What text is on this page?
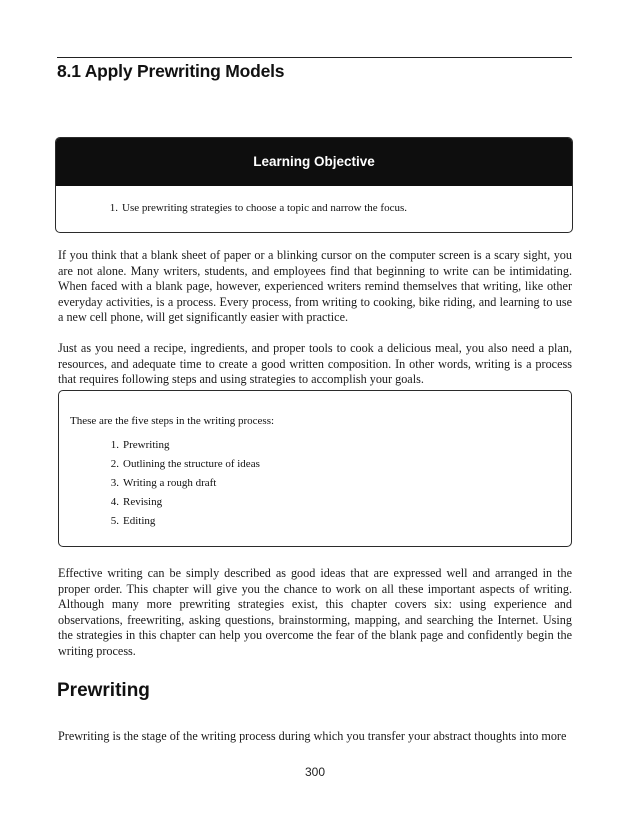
8.1 Apply Prewriting Models
Learning Objective
1. Use prewriting strategies to choose a topic and narrow the focus.

If you think that a blank sheet of paper or a blinking cursor on the computer screen is a scary sight, you are not alone. Many writers, students, and employees find that beginning to write can be intimidating. When faced with a blank page, however, experienced writers remind themselves that writing, like other everyday activities, is a process. Every process, from writing to cooking, bike riding, and learning to use a new cell phone, will get significantly easier with practice.

Just as you need a recipe, ingredients, and proper tools to cook a delicious meal, you also need a plan, resources, and adequate time to create a good written composition. In other words, writing is a process that requires following steps and using strategies to accomplish your goals.

These are the five steps in the writing process:

1. Prewriting
2. Outlining the structure of ideas
3. Writing a rough draft
4. Revising
5. Editing

Effective writing can be simply described as good ideas that are expressed well and arranged in the proper order. This chapter will give you the chance to work on all these important aspects of writing. Although many more prewriting strategies exist, this chapter covers six: using experience and observations, freewriting, asking questions, brainstorming, mapping, and searching the Internet. Using the strategies in this chapter can help you overcome the fear of the blank page and confidently begin the writing process.

Prewriting

Prewriting is the stage of the writing process during which you transfer your abstract thoughts into more

300
